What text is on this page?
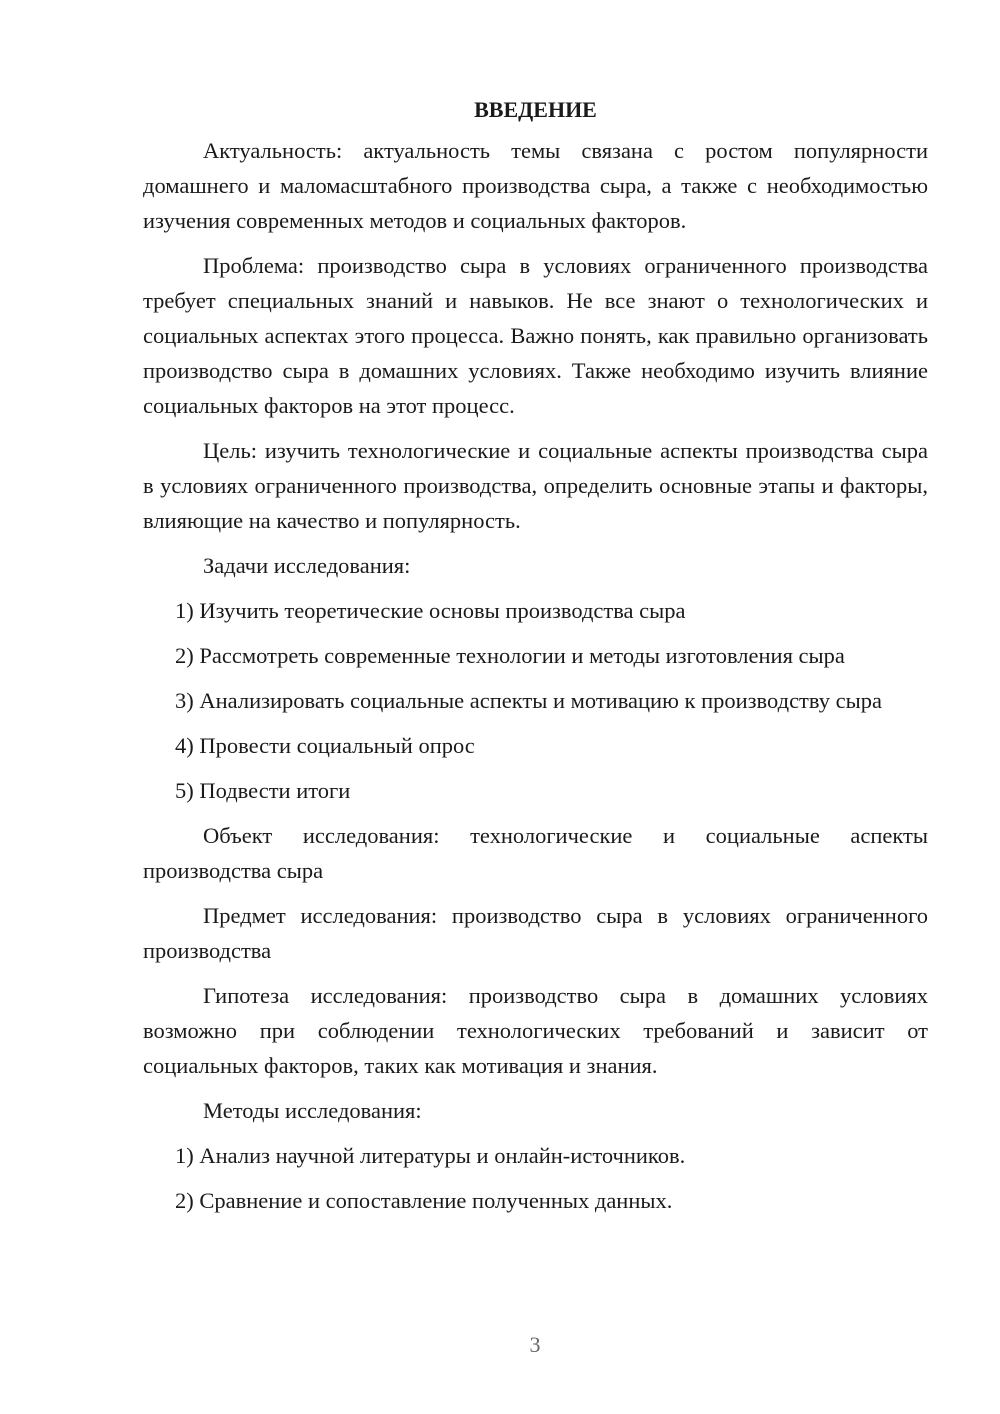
ВВЕДЕНИЕ

Актуальность: актуальность темы связана с ростом популярности домашнего и маломасштабного производства сыра, а также с необходимостью изучения современных методов и социальных факторов.

Проблема: производство сыра в условиях ограниченного производства требует специальных знаний и навыков. Не все знают о технологических и социальных аспектах этого процесса. Важно понять, как правильно организовать производство сыра в домашних условиях. Также необходимо изучить влияние социальных факторов на этот процесс.

Цель: изучить технологические и социальные аспекты производства сыра в условиях ограниченного производства, определить основные этапы и факторы, влияющие на качество и популярность.

Задачи исследования:

1) Изучить теоретические основы производства сыра

2) Рассмотреть современные технологии и методы изготовления сыра

3) Анализировать социальные аспекты и мотивацию к производству сыра

4) Провести социальный опрос

5) Подвести итоги

Объект исследования: технологические и социальные аспекты производства сыра

Предмет исследования: производство сыра в условиях ограниченного производства

Гипотеза исследования: производство сыра в домашних условиях возможно при соблюдении технологических требований и зависит от социальных факторов, таких как мотивация и знания.

Методы исследования:

1) Анализ научной литературы и онлайн-источников.

2) Сравнение и сопоставление полученных данных.

3
